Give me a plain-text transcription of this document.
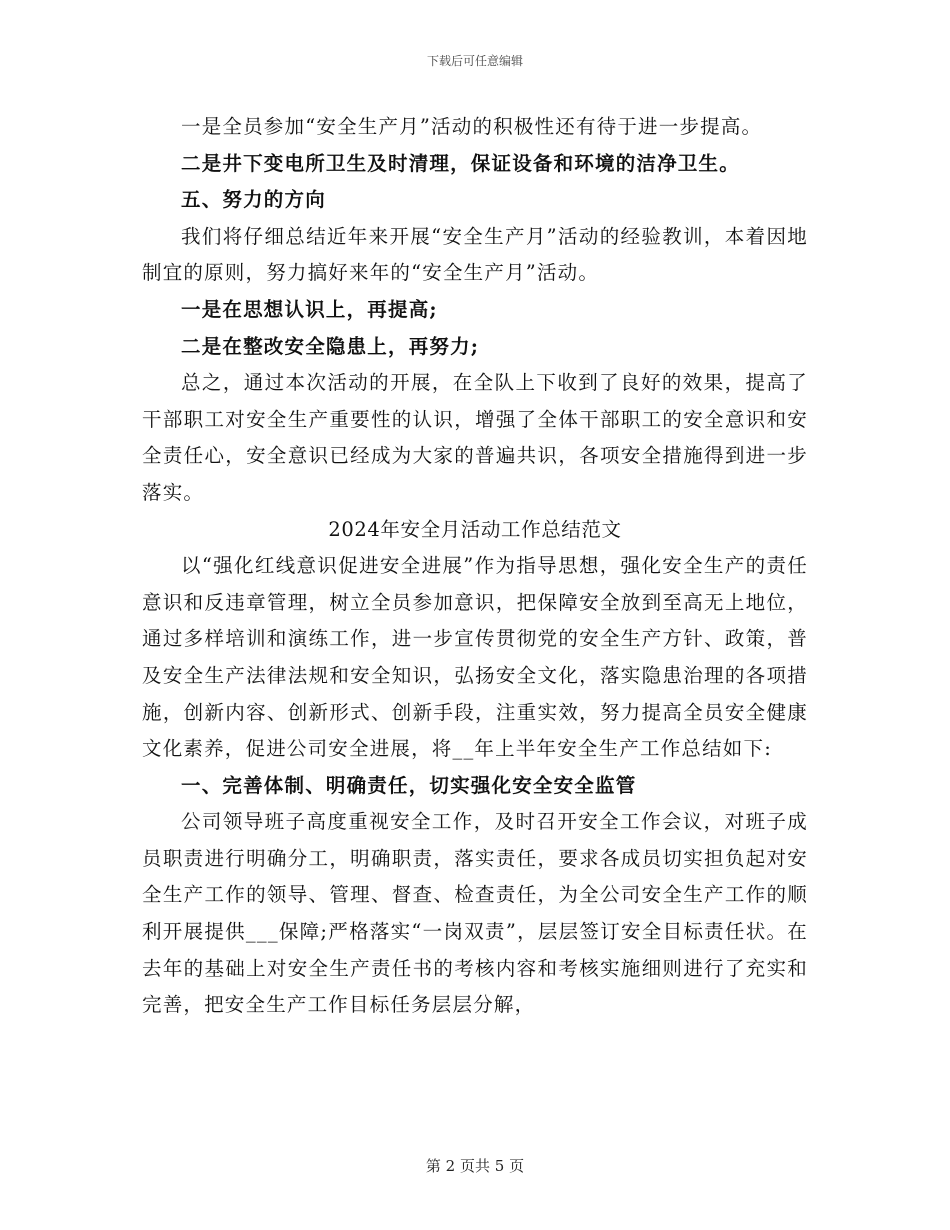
下载后可任意编辑

一是全员参加“安全生产月”活动的积极性还有待于进一步提高。

二是井下变电所卫生及时清理，保证设备和环境的洁净卫生。

五、努力的方向

我们将仔细总结近年来开展“安全生产月”活动的经验教训，本着因地制宜的原则，努力搞好来年的“安全生产月”活动。

一是在思想认识上，再提高;

二是在整改安全隐患上，再努力;

总之，通过本次活动的开展，在全队上下收到了良好的效果，提高了干部职工对安全生产重要性的认识，增强了全体干部职工的安全意识和安全责任心，安全意识已经成为大家的普遍共识，各项安全措施得到进一步落实。

2024年安全月活动工作总结范文

以“强化红线意识促进安全进展”作为指导思想，强化安全生产的责任意识和反违章管理，树立全员参加意识，把保障安全放到至高无上地位，通过多样培训和演练工作，进一步宣传贯彻党的安全生产方针、政策，普及安全生产法律法规和安全知识，弘扬安全文化，落实隐患治理的各项措施，创新内容、创新形式、创新手段，注重实效，努力提高全员安全健康文化素养，促进公司安全进展，将__年上半年安全生产工作总结如下:

一、完善体制、明确责任，切实强化安全安全监管

公司领导班子高度重视安全工作，及时召开安全工作会议，对班子成员职责进行明确分工，明确职责，落实责任，要求各成员切实担负起对安全生产工作的领导、管理、督查、检查责任，为全公司安全生产工作的顺利开展提供___保障;严格落实“一岗双责”，层层签订安全目标责任状。在去年的基础上对安全生产责任书的考核内容和考核实施细则进行了充实和完善，把安全生产工作目标任务层层分解，

第 2 页共 5 页
